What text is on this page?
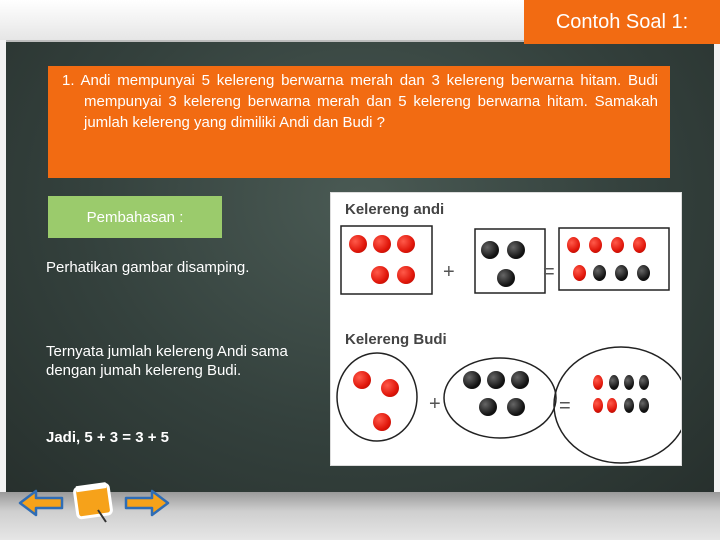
Contoh Soal 1:

1. Andi mempunyai 5 kelereng berwarna merah dan 3 kelereng berwarna hitam. Budi mempunyai 3 kelereng berwarna merah dan 5 kelereng berwarna hitam. Samakah jumlah kelereng yang dimiliki Andi dan Budi ?

Pembahasan :
Perhatikan gambar disamping.
Ternyata jumlah kelereng Andi sama dengan jumah kelereng Budi.
Jadi, 5 + 3 = 3 + 5
Kelereng andi
Kelereng Budi
+	=
+	=
